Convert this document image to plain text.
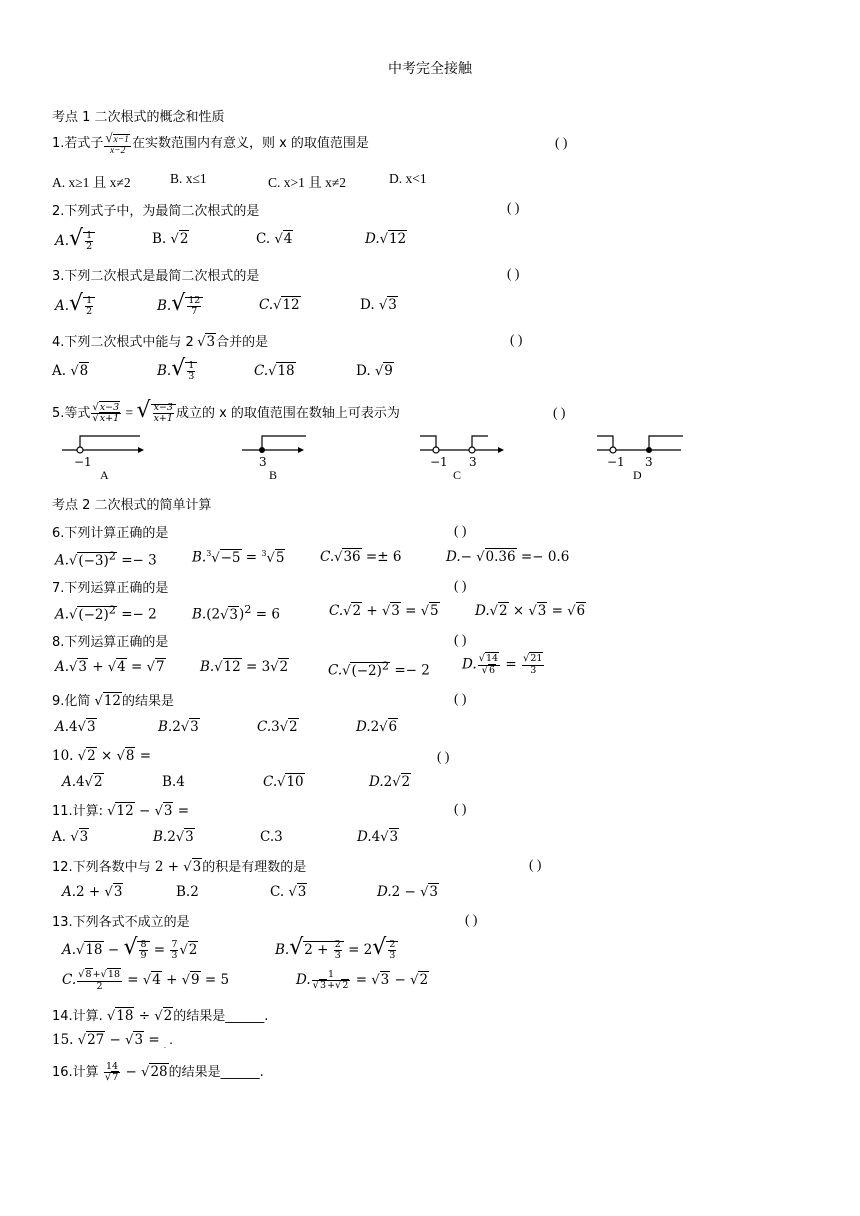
中考完全接触
考点 1 二次根式的概念和性质
1.若式子 $\frac{√x-1}{x-2}$ 在实数范围内有意义，则 x 的取值范围是	( )
A. x≥1 且 x≠2	B. x≤1	C. x>1 且 x≠2	D. x<1
2.下列式子中，为最简二次根式的是	( )
$A.√ \frac{1}{2}$	B. √2	C. √4	D.√12
3.下列二次根式是最简二次根式的是	( )
$A.√ \frac{1}{2}$	$B.√ \frac{12}{7}$	C.√12	D. √3
4.下列二次根式中能与 2 √3合并的是	( )
A. √8	$B.√ \frac{1}{3}$	C.√18	D. √9
5.等式 $\frac{√x-3}{√x+1}$ = √ $\frac{x-3}{x+1}$ 成立的 x 的取值范围在数轴上可表示为	( )
−1
A
3
B
−1 3
C
−1 3
D
考点 2 二次根式的简单计算
6.下列计算正确的是	( )
$A.√(-3)^2 =- 3$	B.$^3$√−5 = $^3$√5	C.√36 =± 6	D.− √0.36 =− 0.6
7.下列运算正确的是	( )
$A.√(-2)^2 =- 2$	$B.(2√3)^2 = 6$	C.√2 + √3 = √5	D.√2 × √3 = √6
8.下列运算正确的是	( )
A.√3 + √4 = √7	B.√12 = 3√2	$C.√(-2)^2 =- 2$ D. $\frac{√14}{√6} = \frac{√21}{3}$
9.化简 √12的结果是	( )
A.4√3	B.2√3	C.3√2	D.2√6
10. √2 × √8 =	( )
A.4√2	B.4	C.√10	D.2√2
11.计算: √12 − √3 =	( )
A. √3	B.2√3	C.3	D.4√3
12.下列各数中与 2 + √3的积是有理数的是	( )
A.2 + √3	B.2	C. √3	D.2 − √3
13.下列各式不成立的是	( )
A.√18 − √ $\frac{8}{9} = \frac{7}{3} √2$	$B.√2 + \frac{2}{3} = 2√ \frac{2}{3}$
C. $\frac{√8+√18}{2} = √4 + √9 = 5$	D. $\frac{1}{√3+√2} = √3 - √2$
14.计算. √18 ÷ √2的结果是______.
15. √27 − √3 = $_.$ .
16.计算 $\frac{14}{√7} - √28$的结果是______.
